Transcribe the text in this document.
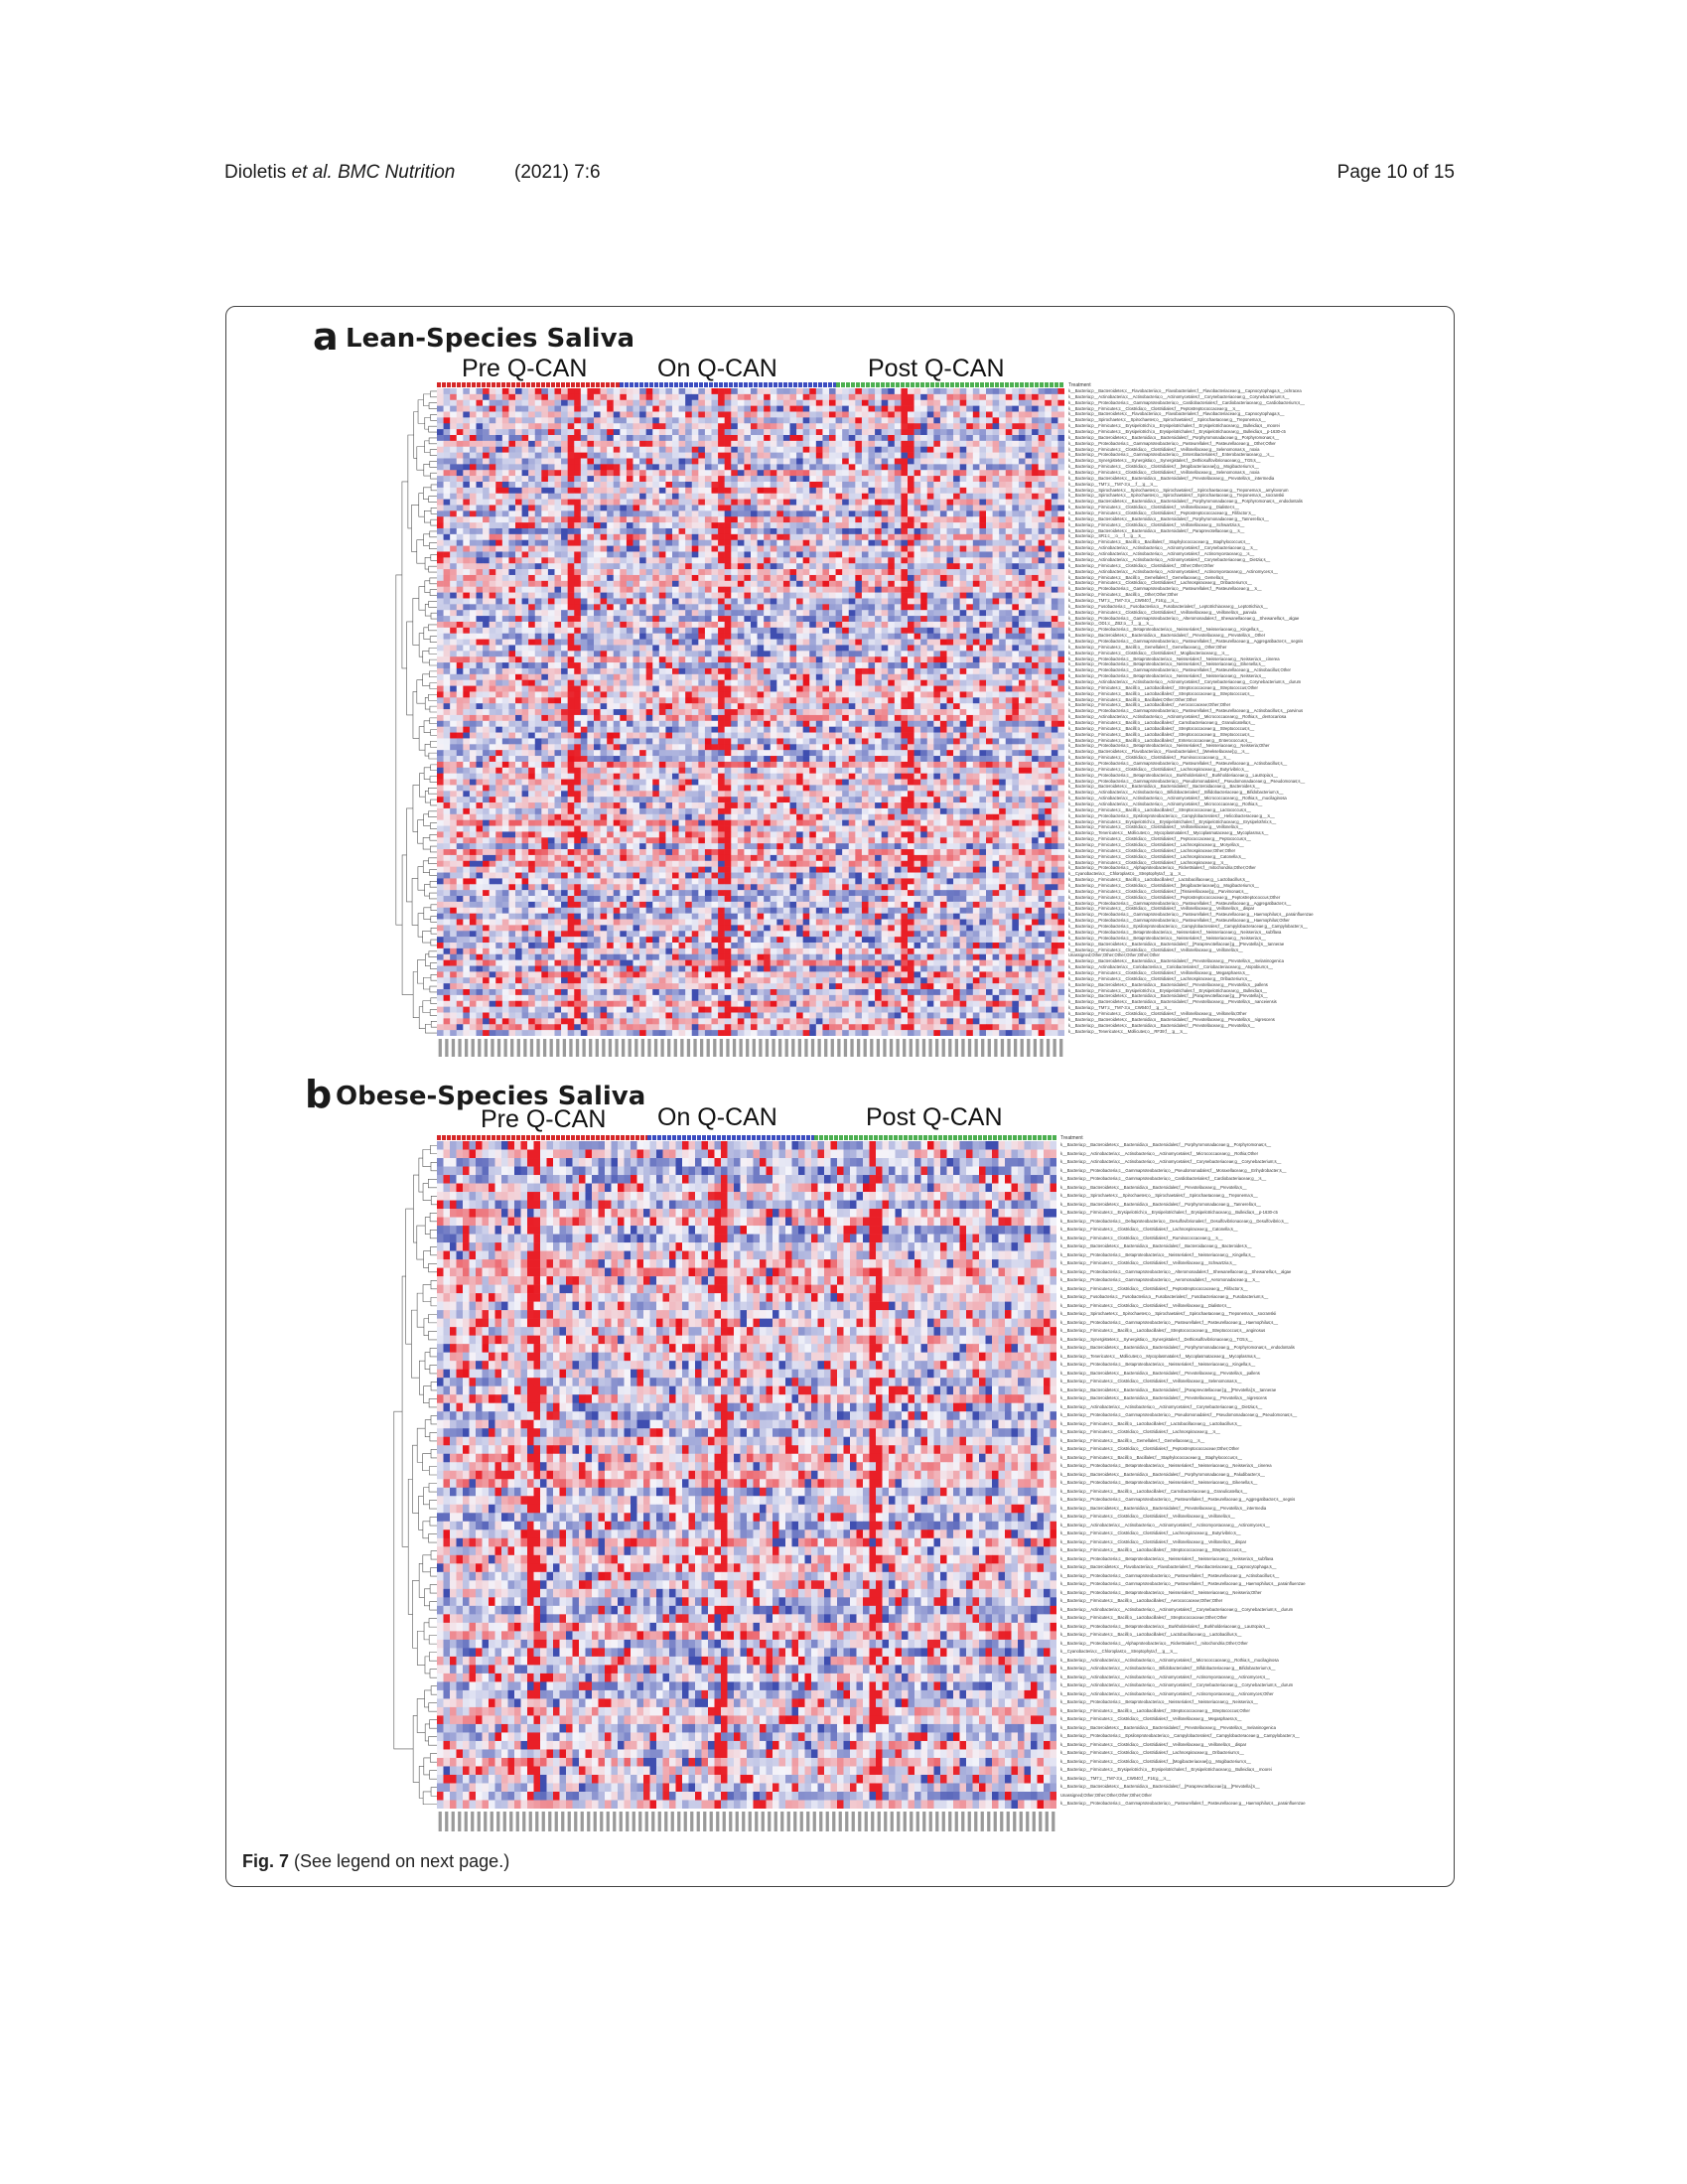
Dioletis et al. BMC Nutrition	(2021) 7:6	Page 10 of 15
a Lean-Species Saliva
Pre Q-CAN	On Q-CAN	Post Q-CAN
Treatment
k__Bacteria;p__Bacteroidetes;c__Flavobacteriia;o__Flavobacteriales;f__Flavobacteriaceae;g__Capnocytophaga;s__ochracea
k__Bacteria;p__Actinobacteria;c__Actinobacteria;o__Actinomycetales;f__Corynebacteriaceae;g__Corynebacterium;s__
k__Bacteria;p__Proteobacteria;c__Gammaproteobacteria;o__Cardiobacteriales;f__Cardiobacteriaceae;g__Cardiobacterium;s__
k__Bacteria;p__Firmicutes;c__Clostridia;o__Clostridiales;f__Peptostreptococcaceae;g__;s__
k__Bacteria;p__Bacteroidetes;c__Flavobacteriia;o__Flavobacteriales;f__Flavobacteriaceae;g__Capnocytophaga;s__
k__Bacteria;p__Spirochaetes;c__Spirochaetes;o__Spirochaetales;f__Spirochaetaceae;g__Treponema;s__
k__Bacteria;p__Firmicutes;c__Erysipelotrichi;o__Erysipelotrichales;f__Erysipelotrichaceae;g__Bulleidia;s__moorei
k__Bacteria;p__Firmicutes;c__Erysipelotrichi;o__Erysipelotrichales;f__Erysipelotrichaceae;g__Bulleidia;s__p-1630-c5
k__Bacteria;p__Bacteroidetes;c__Bacteroidia;o__Bacteroidales;f__Porphyromonadaceae;g__Porphyromonas;s__
k__Bacteria;p__Proteobacteria;c__Gammaproteobacteria;o__Pasteurellales;f__Pasteurellaceae;g__Other;Other
k__Bacteria;p__Firmicutes;c__Clostridia;o__Clostridiales;f__Veillonellaceae;g__Selenomonas;s__noxia
k__Bacteria;p__Proteobacteria;c__Gammaproteobacteria;o__Enterobacteriales;f__Enterobacteriaceae;g__;s__
k__Bacteria;p__Synergistetes;c__Synergistia;o__Synergistales;f__Dethiosulfovibrionaceae;g__TG5;s__
k__Bacteria;p__Firmicutes;c__Clostridia;o__Clostridiales;f__[Mogibacteriaceae];g__Mogibacterium;s__
k__Bacteria;p__Firmicutes;c__Clostridia;o__Clostridiales;f__Veillonellaceae;g__Selenomonas;s__noxia
k__Bacteria;p__Bacteroidetes;c__Bacteroidia;o__Bacteroidales;f__Prevotellaceae;g__Prevotella;s__intermedia
k__Bacteria;p__TM7;c__TM7-3;o__;f__;g__;s__
k__Bacteria;p__Spirochaetes;c__Spirochaetes;o__Spirochaetales;f__Spirochaetaceae;g__Treponema;s__amylovorum
k__Bacteria;p__Spirochaetes;c__Spirochaetes;o__Spirochaetales;f__Spirochaetaceae;g__Treponema;s__socranskii
k__Bacteria;p__Bacteroidetes;c__Bacteroidia;o__Bacteroidales;f__Porphyromonadaceae;g__Porphyromonas;s__endodontalis
k__Bacteria;p__Firmicutes;c__Clostridia;o__Clostridiales;f__Veillonellaceae;g__Dialister;s__
k__Bacteria;p__Firmicutes;c__Clostridia;o__Clostridiales;f__Peptostreptococcaceae;g__Filifactor;s__
k__Bacteria;p__Bacteroidetes;c__Bacteroidia;o__Bacteroidales;f__Porphyromonadaceae;g__Tannerella;s__
k__Bacteria;p__Firmicutes;c__Clostridia;o__Clostridiales;f__Veillonellaceae;g__Schwartzia;s__
k__Bacteria;p__Bacteroidetes;c__Bacteroidia;o__Bacteroidales;f__Paraprevotellaceae;g__;s__
k__Bacteria;p__SR1;c__;o__;f__;g__;s__
k__Bacteria;p__Firmicutes;c__Bacilli;o__Bacillales;f__Staphylococcaceae;g__Staphylococcus;s__
k__Bacteria;p__Actinobacteria;c__Actinobacteria;o__Actinomycetales;f__Corynebacteriaceae;g__;s__
k__Bacteria;p__Actinobacteria;c__Actinobacteria;o__Actinomycetales;f__Actinomycetaceae;g__;s__
k__Bacteria;p__Actinobacteria;c__Actinobacteria;o__Actinomycetales;f__Corynebacteriaceae;g__Dietzia;s__
k__Bacteria;p__Firmicutes;c__Clostridia;o__Clostridiales;f__Other;Other;Other
k__Bacteria;p__Actinobacteria;c__Actinobacteria;o__Actinomycetales;f__Actinomycetaceae;g__Actinomyces;s__
k__Bacteria;p__Firmicutes;c__Bacilli;o__Gemellales;f__Gemellaceae;g__Gemella;s__
k__Bacteria;p__Firmicutes;c__Clostridia;o__Clostridiales;f__Lachnospiraceae;g__Oribacterium;s__
k__Bacteria;p__Proteobacteria;c__Gammaproteobacteria;o__Pasteurellales;f__Pasteurellaceae;g__;s__
k__Bacteria;p__Firmicutes;c__Bacilli;o__Other;Other;Other
k__Bacteria;p__TM7;c__TM7-3;o__CW040;f__F16;g__;s__
k__Bacteria;p__Fusobacteria;c__Fusobacteriia;o__Fusobacteriales;f__Leptotrichiaceae;g__Leptotrichia;s__
k__Bacteria;p__Firmicutes;c__Clostridia;o__Clostridiales;f__Veillonellaceae;g__Veillonella;s__parvula
k__Bacteria;p__Proteobacteria;c__Gammaproteobacteria;o__Alteromonadales;f__Shewanellaceae;g__Shewanella;s__algae
k__Bacteria;p__OD1;c__ZB2;o__;f__;g__;s__
k__Bacteria;p__Proteobacteria;c__Betaproteobacteria;o__Neisseriales;f__Neisseriaceae;g__Kingella;s__
k__Bacteria;p__Bacteroidetes;c__Bacteroidia;o__Bacteroidales;f__Prevotellaceae;g__Prevotella;s__Other
k__Bacteria;p__Proteobacteria;c__Gammaproteobacteria;o__Pasteurellales;f__Pasteurellaceae;g__Aggregatibacter;s__segnis
k__Bacteria;p__Firmicutes;c__Bacilli;o__Gemellales;f__Gemellaceae;g__Other;Other
k__Bacteria;p__Firmicutes;c__Clostridia;o__Clostridiales;f__Mogibacteriaceae;g__;s__
k__Bacteria;p__Proteobacteria;c__Betaproteobacteria;o__Neisseriales;f__Neisseriaceae;g__Neisseria;s__cinerea
k__Bacteria;p__Proteobacteria;c__Betaproteobacteria;o__Neisseriales;f__Neisseriaceae;g__Eikenella;s__
k__Bacteria;p__Proteobacteria;c__Gammaproteobacteria;o__Pasteurellales;f__Pasteurellaceae;g__Actinobacillus;Other
k__Bacteria;p__Proteobacteria;c__Betaproteobacteria;o__Neisseriales;f__Neisseriaceae;g__Neisseria;s__
k__Bacteria;p__Actinobacteria;c__Actinobacteria;o__Actinomycetales;f__Corynebacteriaceae;g__Corynebacterium;s__durum
k__Bacteria;p__Firmicutes;c__Bacilli;o__Lactobacillales;f__Streptococcaceae;g__Streptococcus;Other
k__Bacteria;p__Firmicutes;c__Bacilli;o__Lactobacillales;f__Streptococcaceae;g__Streptococcus;s__
k__Bacteria;p__Firmicutes;c__Bacilli;o__Bacillales;Other;Other;Other
k__Bacteria;p__Firmicutes;c__Bacilli;o__Lactobacillales;f__Aerococcaceae;Other;Other
k__Bacteria;p__Proteobacteria;c__Gammaproteobacteria;o__Pasteurellales;f__Pasteurellaceae;g__Actinobacillus;s__parvinus
k__Bacteria;p__Actinobacteria;c__Actinobacteria;o__Actinomycetales;f__Micrococcaceae;g__Rothia;s__dentocariosa
k__Bacteria;p__Firmicutes;c__Bacilli;o__Lactobacillales;f__Carnobacteriaceae;g__Granulicatella;s__
k__Bacteria;p__Firmicutes;c__Bacilli;o__Lactobacillales;f__Streptococcaceae;g__Streptococcus;s__
k__Bacteria;p__Firmicutes;c__Bacilli;o__Lactobacillales;f__Streptococcaceae;g__Streptococcus;s__
k__Bacteria;p__Firmicutes;c__Bacilli;o__Lactobacillales;f__Enterococcaceae;g__Enterococcus;s__
k__Bacteria;p__Proteobacteria;c__Betaproteobacteria;o__Neisseriales;f__Neisseriaceae;g__Neisseria;Other
k__Bacteria;p__Bacteroidetes;c__Flavobacteriia;o__Flavobacteriales;f__[Weeksellaceae];g__;s__
k__Bacteria;p__Firmicutes;c__Clostridia;o__Clostridiales;f__Ruminococcaceae;g__;s__
k__Bacteria;p__Proteobacteria;c__Gammaproteobacteria;o__Pasteurellales;f__Pasteurellaceae;g__Actinobacillus;s__
k__Bacteria;p__Firmicutes;c__Clostridia;o__Clostridiales;f__Lachnospiraceae;g__Butyrivibrio;s__
k__Bacteria;p__Proteobacteria;c__Betaproteobacteria;o__Burkholderiales;f__Burkholderiaceae;g__Lautropia;s__
k__Bacteria;p__Proteobacteria;c__Gammaproteobacteria;o__Pseudomonadales;f__Pseudomonadaceae;g__Pseudomonas;s__
k__Bacteria;p__Bacteroidetes;c__Bacteroidia;o__Bacteroidales;f__Bacteroidaceae;g__Bacteroides;s__
k__Bacteria;p__Actinobacteria;c__Actinobacteria;o__Bifidobacteriales;f__Bifidobacteriaceae;g__Bifidobacterium;s__
k__Bacteria;p__Actinobacteria;c__Actinobacteria;o__Actinomycetales;f__Micrococcaceae;g__Rothia;s__mucilaginosa
k__Bacteria;p__Actinobacteria;c__Actinobacteria;o__Actinomycetales;f__Micrococcaceae;g__Rothia;s__
k__Bacteria;p__Firmicutes;c__Bacilli;o__Lactobacillales;f__Streptococcaceae;g__Lactococcus;s__
k__Bacteria;p__Proteobacteria;c__Epsilonproteobacteria;o__Campylobacterales;f__Helicobacteraceae;g__;s__
k__Bacteria;p__Firmicutes;c__Erysipelotrichi;o__Erysipelotrichales;f__Erysipelotrichaceae;g__Erysipelothrix;s__
k__Bacteria;p__Firmicutes;c__Clostridia;o__Clostridiales;f__Veillonellaceae;g__Veillonella;s__
k__Bacteria;p__Tenericutes;c__Mollicutes;o__Mycoplasmatales;f__Mycoplasmataceae;g__Mycoplasma;s__
k__Bacteria;p__Firmicutes;c__Clostridia;o__Clostridiales;f__Peptococcaceae;g__Peptococcus;s__
k__Bacteria;p__Firmicutes;c__Clostridia;o__Clostridiales;f__Lachnospiraceae;g__Moryella;s__
k__Bacteria;p__Firmicutes;c__Clostridia;o__Clostridiales;f__Lachnospiraceae;Other;Other
k__Bacteria;p__Firmicutes;c__Clostridia;o__Clostridiales;f__Lachnospiraceae;g__Catonella;s__
k__Bacteria;p__Firmicutes;c__Clostridia;o__Clostridiales;f__Lachnospiraceae;g__;s__
k__Bacteria;p__Proteobacteria;c__Alphaproteobacteria;o__Rickettsiales;f__mitochondria;Other;Other
k__Cyanobacteria;c__Chloroplast;o__Streptophyta;f__;g__;s__
k__Bacteria;p__Firmicutes;c__Bacilli;o__Lactobacillales;f__Lactobacillaceae;g__Lactobacillus;s__
k__Bacteria;p__Firmicutes;c__Clostridia;o__Clostridiales;f__[Mogibacteriaceae];g__Mogibacterium;s__
k__Bacteria;p__Firmicutes;c__Clostridia;o__Clostridiales;f__[Tissierellaceae];g__Parvimonas;s__
k__Bacteria;p__Firmicutes;c__Clostridia;o__Clostridiales;f__Peptostreptococcaceae;g__Peptostreptococcus;Other
k__Bacteria;p__Proteobacteria;c__Gammaproteobacteria;o__Pasteurellales;f__Pasteurellaceae;g__Aggregatibacter;s__
k__Bacteria;p__Firmicutes;c__Clostridia;o__Clostridiales;f__Veillonellaceae;g__Veillonella;s__dispar
k__Bacteria;p__Proteobacteria;c__Gammaproteobacteria;o__Pasteurellales;f__Pasteurellaceae;g__Haemophilus;s__parainfluenzae
k__Bacteria;p__Proteobacteria;c__Gammaproteobacteria;o__Pasteurellales;f__Pasteurellaceae;g__Haemophilus;Other
k__Bacteria;p__Proteobacteria;c__Epsilonproteobacteria;o__Campylobacterales;f__Campylobacteraceae;g__Campylobacter;s__
k__Bacteria;p__Proteobacteria;c__Betaproteobacteria;o__Neisseriales;f__Neisseriaceae;g__Neisseria;s__subflava
k__Bacteria;p__Proteobacteria;c__Betaproteobacteria;o__Neisseriales;f__Neisseriaceae;g__Neisseria;s__
k__Bacteria;p__Bacteroidetes;c__Bacteroidia;o__Bacteroidales;f__[Paraprevotellaceae];g__[Prevotella];s__tannerae
k__Bacteria;p__Firmicutes;c__Clostridia;o__Clostridiales;f__Veillonellaceae;g__Veillonella;s__
Unassigned;Other;Other;Other;Other;Other;Other
k__Bacteria;p__Bacteroidetes;c__Bacteroidia;o__Bacteroidales;f__Prevotellaceae;g__Prevotella;s__melaninogenica
k__Bacteria;p__Actinobacteria;c__Coriobacteriia;o__Coriobacteriales;f__Coriobacteriaceae;g__Atopobium;s__
k__Bacteria;p__Firmicutes;c__Clostridia;o__Clostridiales;f__Veillonellaceae;g__Megasphaera;s__
k__Bacteria;p__Firmicutes;c__Clostridia;o__Clostridiales;f__Lachnospiraceae;g__Oribacterium;s__
k__Bacteria;p__Bacteroidetes;c__Bacteroidia;o__Bacteroidales;f__Prevotellaceae;g__Prevotella;s__pallens
k__Bacteria;p__Firmicutes;c__Erysipelotrichi;o__Erysipelotrichales;f__Erysipelotrichaceae;g__Bulleidia;s__
k__Bacteria;p__Bacteroidetes;c__Bacteroidia;o__Bacteroidales;f__[Paraprevotellaceae];g__[Prevotella];s__
k__Bacteria;p__Bacteroidetes;c__Bacteroidia;o__Bacteroidales;f__Prevotellaceae;g__Prevotella;s__nanceiensis
k__Bacteria;p__TM7;c__TM7-3;o__CW040;f__;g__;s__
k__Bacteria;p__Firmicutes;c__Clostridia;o__Clostridiales;f__Veillonellaceae;g__Veillonella;Other
k__Bacteria;p__Bacteroidetes;c__Bacteroidia;o__Bacteroidales;f__Prevotellaceae;g__Prevotella;s__nigrescens
k__Bacteria;p__Bacteroidetes;c__Bacteroidia;o__Bacteroidales;f__Prevotellaceae;g__Prevotella;s__
k__Bacteria;p__Tenericutes;c__Mollicutes;o__RF39;f__;g__;s__
b Obese-Species Saliva
Pre Q-CAN On Q-CAN	Post Q-CAN
Treatment
k__Bacteria;p__Bacteroidetes;c__Bacteroidia;o__Bacteroidales;f__Porphyromonadaceae;g__Porphyromonas;s__
k__Bacteria;p__Actinobacteria;c__Actinobacteria;o__Actinomycetales;f__Micrococcaceae;g__Rothia;Other
k__Bacteria;p__Actinobacteria;c__Actinobacteria;o__Actinomycetales;f__Corynebacteriaceae;g__Corynebacterium;s__
k__Bacteria;p__Proteobacteria;c__Gammaproteobacteria;o__Pseudomonadales;f__Moraxellaceae;g__Enhydrobacter;s__
k__Bacteria;p__Proteobacteria;c__Gammaproteobacteria;o__Cardiobacteriales;f__Cardiobacteriaceae;g__;s__
k__Bacteria;p__Bacteroidetes;c__Bacteroidia;o__Bacteroidales;f__Prevotellaceae;g__Prevotella;s__
k__Bacteria;p__Spirochaetes;c__Spirochaetes;o__Spirochaetales;f__Spirochaetaceae;g__Treponema;s__
k__Bacteria;p__Bacteroidetes;c__Bacteroidia;o__Bacteroidales;f__Porphyromonadaceae;g__Tannerella;s__
k__Bacteria;p__Firmicutes;c__Erysipelotrichi;o__Erysipelotrichales;f__Erysipelotrichaceae;g__Bulleidia;s__p-1630-c5
k__Bacteria;p__Proteobacteria;c__Deltaproteobacteria;o__Desulfovibrionales;f__Desulfovibrionaceae;g__Desulfovibrio;s__
k__Bacteria;p__Firmicutes;c__Clostridia;o__Clostridiales;f__Lachnospiraceae;g__Catonella;s__
k__Bacteria;p__Firmicutes;c__Clostridia;o__Clostridiales;f__Ruminococcaceae;g__;s__
k__Bacteria;p__Bacteroidetes;c__Bacteroidia;o__Bacteroidales;f__Bacteroidaceae;g__Bacteroides;s__
k__Bacteria;p__Proteobacteria;c__Betaproteobacteria;o__Neisseriales;f__Neisseriaceae;g__Kingella;s__
k__Bacteria;p__Firmicutes;c__Clostridia;o__Clostridiales;f__Veillonellaceae;g__Schwartzia;s__
k__Bacteria;p__Proteobacteria;c__Gammaproteobacteria;o__Alteromonadales;f__Shewanellaceae;g__Shewanella;s__algae
k__Bacteria;p__Proteobacteria;c__Gammaproteobacteria;o__Aeromonadales;f__Aeromonadaceae;g__;s__
k__Bacteria;p__Firmicutes;c__Clostridia;o__Clostridiales;f__Peptostreptococcaceae;g__Filifactor;s__
k__Bacteria;p__Fusobacteria;c__Fusobacteriia;o__Fusobacteriales;f__Fusobacteriaceae;g__Fusobacterium;s__
k__Bacteria;p__Firmicutes;c__Clostridia;o__Clostridiales;f__Veillonellaceae;g__Dialister;s__
k__Bacteria;p__Spirochaetes;c__Spirochaetes;o__Spirochaetales;f__Spirochaetaceae;g__Treponema;s__socranskii
k__Bacteria;p__Proteobacteria;c__Gammaproteobacteria;o__Pasteurellales;f__Pasteurellaceae;g__Haemophilus;s__
k__Bacteria;p__Firmicutes;c__Bacilli;o__Lactobacillales;f__Streptococcaceae;g__Streptococcus;s__anginosus
k__Bacteria;p__Synergistetes;c__Synergistia;o__Synergistales;f__Dethiosulfovibrionaceae;g__TG5;s__
k__Bacteria;p__Bacteroidetes;c__Bacteroidia;o__Bacteroidales;f__Porphyromonadaceae;g__Porphyromonas;s__endodontalis
k__Bacteria;p__Tenericutes;c__Mollicutes;o__Mycoplasmatales;f__Mycoplasmataceae;g__Mycoplasma;s__
k__Bacteria;p__Proteobacteria;c__Betaproteobacteria;o__Neisseriales;f__Neisseriaceae;g__Kingella;s__
k__Bacteria;p__Bacteroidetes;c__Bacteroidia;o__Bacteroidales;f__Prevotellaceae;g__Prevotella;s__pallens
k__Bacteria;p__Firmicutes;c__Clostridia;o__Clostridiales;f__Veillonellaceae;g__Selenomonas;s__
k__Bacteria;p__Bacteroidetes;c__Bacteroidia;o__Bacteroidales;f__[Paraprevotellaceae];g__[Prevotella];s__tannerae
k__Bacteria;p__Bacteroidetes;c__Bacteroidia;o__Bacteroidales;f__Prevotellaceae;g__Prevotella;s__nigrescens
k__Bacteria;p__Actinobacteria;c__Actinobacteria;o__Actinomycetales;f__Corynebacteriaceae;g__Dietzia;s__
k__Bacteria;p__Proteobacteria;c__Gammaproteobacteria;o__Pseudomonadales;f__Pseudomonadaceae;g__Pseudomonas;s__
k__Bacteria;p__Firmicutes;c__Bacilli;o__Lactobacillales;f__Lactobacillaceae;g__Lactobacillus;s__
k__Bacteria;p__Firmicutes;c__Clostridia;o__Clostridiales;f__Lachnospiraceae;g__;s__
k__Bacteria;p__Firmicutes;c__Bacilli;o__Gemellales;f__Gemellaceae;g__;s__
k__Bacteria;p__Firmicutes;c__Clostridia;o__Clostridiales;f__Peptostreptococcaceae;Other;Other
k__Bacteria;p__Firmicutes;c__Bacilli;o__Bacillales;f__Staphylococcaceae;g__Staphylococcus;s__
k__Bacteria;p__Proteobacteria;c__Betaproteobacteria;o__Neisseriales;f__Neisseriaceae;g__Neisseria;s__cinerea
k__Bacteria;p__Bacteroidetes;c__Bacteroidia;o__Bacteroidales;f__Porphyromonadaceae;g__Paludibacter;s__
k__Bacteria;p__Proteobacteria;c__Betaproteobacteria;o__Neisseriales;f__Neisseriaceae;g__Eikenella;s__
k__Bacteria;p__Firmicutes;c__Bacilli;o__Lactobacillales;f__Carnobacteriaceae;g__Granulicatella;s__
k__Bacteria;p__Proteobacteria;c__Gammaproteobacteria;o__Pasteurellales;f__Pasteurellaceae;g__Aggregatibacter;s__segnis
k__Bacteria;p__Bacteroidetes;c__Bacteroidia;o__Bacteroidales;f__Prevotellaceae;g__Prevotella;s__intermedia
k__Bacteria;p__Firmicutes;c__Clostridia;o__Clostridiales;f__Veillonellaceae;g__Veillonella;s__
k__Bacteria;p__Actinobacteria;c__Actinobacteria;o__Actinomycetales;f__Actinomycetaceae;g__Actinomyces;s__
k__Bacteria;p__Firmicutes;c__Clostridia;o__Clostridiales;f__Lachnospiraceae;g__Butyrivibrio;s__
k__Bacteria;p__Firmicutes;c__Clostridia;o__Clostridiales;f__Veillonellaceae;g__Veillonella;s__dispar
k__Bacteria;p__Firmicutes;c__Bacilli;o__Lactobacillales;f__Streptococcaceae;g__Streptococcus;s__
k__Bacteria;p__Proteobacteria;c__Betaproteobacteria;o__Neisseriales;f__Neisseriaceae;g__Neisseria;s__subflava
k__Bacteria;p__Bacteroidetes;c__Flavobacteriia;o__Flavobacteriales;f__Flavobacteriaceae;g__Capnocytophaga;s__
k__Bacteria;p__Proteobacteria;c__Gammaproteobacteria;o__Pasteurellales;f__Pasteurellaceae;g__Actinobacillus;s__
k__Bacteria;p__Proteobacteria;c__Gammaproteobacteria;o__Pasteurellales;f__Pasteurellaceae;g__Haemophilus;s__parainfluenzae
k__Bacteria;p__Proteobacteria;c__Betaproteobacteria;o__Neisseriales;f__Neisseriaceae;g__Neisseria;Other
k__Bacteria;p__Firmicutes;c__Bacilli;o__Lactobacillales;f__Aerococcaceae;Other;Other
k__Bacteria;p__Actinobacteria;c__Actinobacteria;o__Actinomycetales;f__Corynebacteriaceae;g__Corynebacterium;s__durum
k__Bacteria;p__Firmicutes;c__Bacilli;o__Lactobacillales;f__Streptococcaceae;Other;Other
k__Bacteria;p__Proteobacteria;c__Betaproteobacteria;o__Burkholderiales;f__Burkholderiaceae;g__Lautropia;s__
k__Bacteria;p__Firmicutes;c__Bacilli;o__Lactobacillales;f__Lactobacillaceae;g__Lactobacillus;s__
k__Bacteria;p__Proteobacteria;c__Alphaproteobacteria;o__Rickettsiales;f__mitochondria;Other;Other
k__Cyanobacteria;c__Chloroplast;o__Streptophyta;f__;g__;s__
k__Bacteria;p__Actinobacteria;c__Actinobacteria;o__Actinomycetales;f__Micrococcaceae;g__Rothia;s__mucilaginosa
k__Bacteria;p__Actinobacteria;c__Actinobacteria;o__Bifidobacteriales;f__Bifidobacteriaceae;g__Bifidobacterium;s__
k__Bacteria;p__Actinobacteria;c__Actinobacteria;o__Actinomycetales;f__Actinomycetaceae;g__Actinomyces;s__
k__Bacteria;p__Actinobacteria;c__Actinobacteria;o__Actinomycetales;f__Corynebacteriaceae;g__Corynebacterium;s__durum
k__Bacteria;p__Actinobacteria;c__Actinobacteria;o__Actinomycetales;f__Actinomycetaceae;g__Actinomyces;Other
k__Bacteria;p__Proteobacteria;c__Betaproteobacteria;o__Neisseriales;f__Neisseriaceae;g__Neisseria;s__
k__Bacteria;p__Firmicutes;c__Bacilli;o__Lactobacillales;f__Streptococcaceae;g__Streptococcus;Other
k__Bacteria;p__Firmicutes;c__Clostridia;o__Clostridiales;f__Veillonellaceae;g__Megasphaera;s__
k__Bacteria;p__Bacteroidetes;c__Bacteroidia;o__Bacteroidales;f__Prevotellaceae;g__Prevotella;s__melaninogenica
k__Bacteria;p__Proteobacteria;c__Epsilonproteobacteria;o__Campylobacterales;f__Campylobacteraceae;g__Campylobacter;s__
k__Bacteria;p__Firmicutes;c__Clostridia;o__Clostridiales;f__Veillonellaceae;g__Veillonella;s__dispar
k__Bacteria;p__Firmicutes;c__Clostridia;o__Clostridiales;f__Lachnospiraceae;g__Oribacterium;s__
k__Bacteria;p__Firmicutes;c__Clostridia;o__Clostridiales;f__[Mogibacteriaceae];g__Mogibacterium;s__
k__Bacteria;p__Firmicutes;c__Erysipelotrichi;o__Erysipelotrichales;f__Erysipelotrichaceae;g__Bulleidia;s__moorei
k__Bacteria;p__TM7;c__TM7-3;o__CW040;f__F16;g__;s__
k__Bacteria;p__Bacteroidetes;c__Bacteroidia;o__Bacteroidales;f__[Paraprevotellaceae];g__[Prevotella];s__
Unassigned;Other;Other;Other;Other;Other;Other
k__Bacteria;p__Proteobacteria;c__Gammaproteobacteria;o__Pasteurellales;f__Pasteurellaceae;g__Haemophilus;s__parainfluenzae
Fig. 7 (See legend on next page.)
